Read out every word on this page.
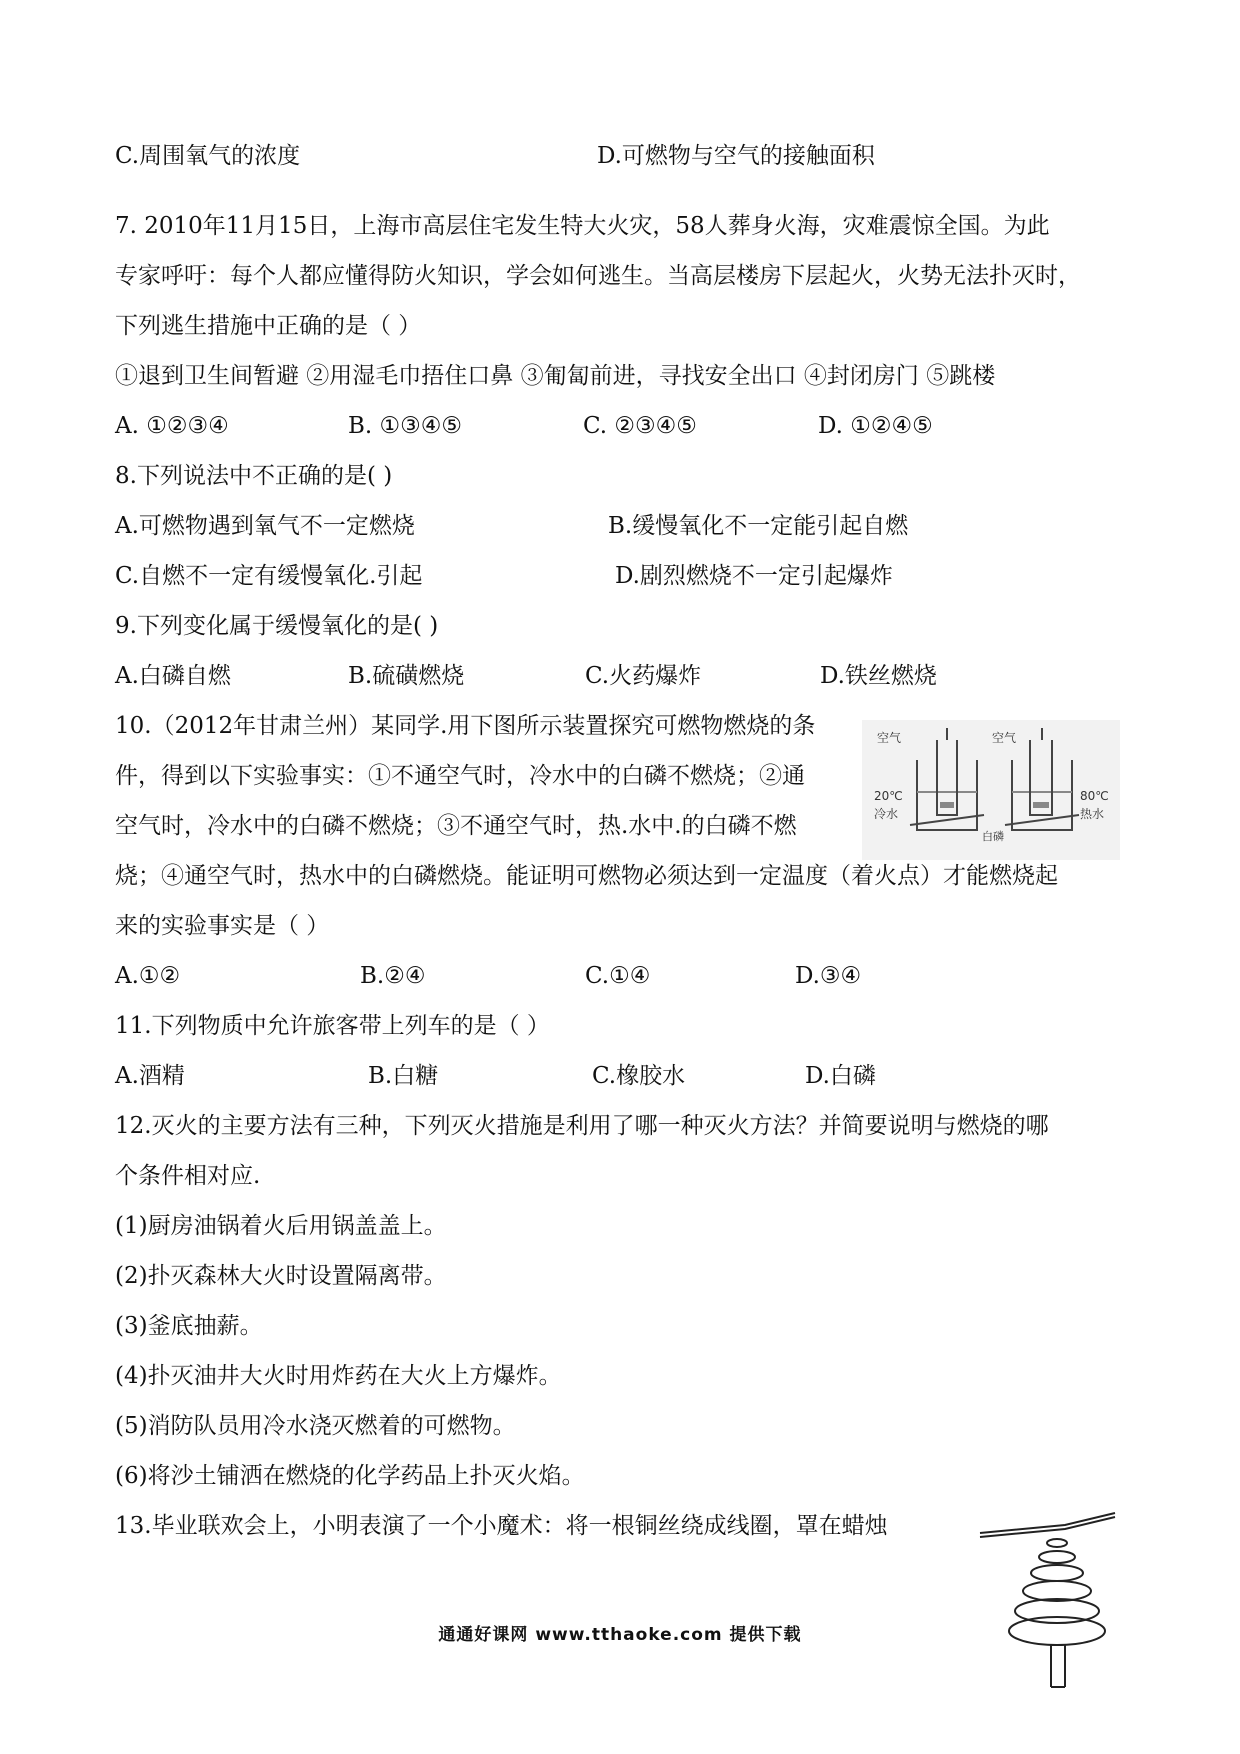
C.周围氧气的浓度	D.可燃物与空气的接触面积
7. 2010年11月15日，上海市高层住宅发生特大火灾，58人葬身火海，灾难震惊全国。为此
专家呼吁：每个人都应懂得防火知识，学会如何逃生。当高层楼房下层起火，火势无法扑灭时，
下列逃生措施中正确的是（ ）
①退到卫生间暂避 ②用湿毛巾捂住口鼻 ③匍匐前进，寻找安全出口 ④封闭房门 ⑤跳楼
A. ①②③④	B. ①③④⑤	C. ②③④⑤	D. ①②④⑤
8.下列说法中不正确的是( )
A.可燃物遇到氧气不一定燃烧	B.缓慢氧化不一定能引起自燃
C.自燃不一定有缓慢氧化.引起	D.剧烈燃烧不一定引起爆炸
9.下列变化属于缓慢氧化的是( )
A.白磷自燃	B.硫磺燃烧	C.火药爆炸	D.铁丝燃烧
10.（2012年甘肃兰州）某同学.用下图所示装置探究可燃物燃烧的条
件，得到以下实验事实：①不通空气时，冷水中的白磷不燃烧；②通
空气时，冷水中的白磷不燃烧；③不通空气时，热.水中.的白磷不燃
烧；④通空气时，热水中的白磷燃烧。能证明可燃物必须达到一定温度（着火点）才能燃烧起
来的实验事实是（ ）
A.①②	B.②④	C.①④	D.③④
空气	空气
20℃
冷水
白磷
80℃
热水
11.下列物质中允许旅客带上列车的是（ ）
A.酒精	B.白糖	C.橡胶水	D.白磷
12.灭火的主要方法有三种，下列灭火措施是利用了哪一种灭火方法？并简要说明与燃烧的哪
个条件相对应.
(1)厨房油锅着火后用锅盖盖上。
(2)扑灭森林大火时设置隔离带。
(3)釜底抽薪。
(4)扑灭油井大火时用炸药在大火上方爆炸。
(5)消防队员用冷水浇灭燃着的可燃物。
(6)将沙土铺洒在燃烧的化学药品上扑灭火焰。
13.毕业联欢会上，小明表演了一个小魔术：将一根铜丝绕成线圈，罩在蜡烛
通通好课网 www.tthaoke.com 提供下载
